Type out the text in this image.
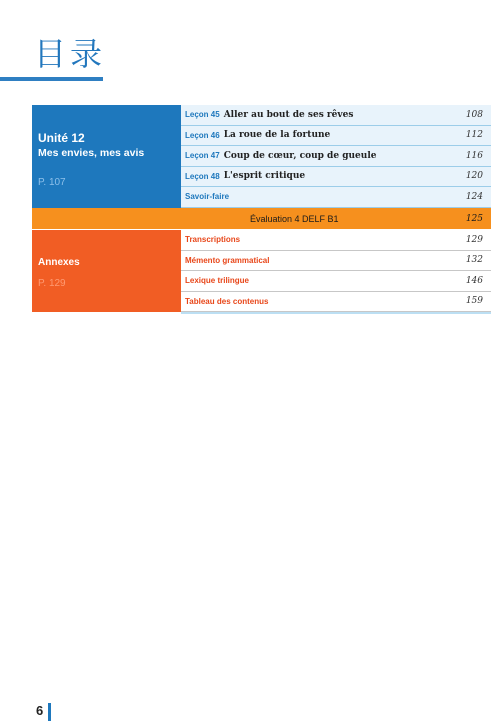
目录
Unité 12
Mes envies, mes avis
P. 107
Leçon 45 Aller au bout de ses rêves	108
Leçon 46 La roue de la fortune	112
Leçon 47 Coup de cœur, coup de gueule	116
Leçon 48 L'esprit critique	120
Savoir-faire	124
Évaluation 4 DELF B1	125
Annexes
P. 129
Transcriptions	129
Mémento grammatical	132
Lexique trilingue	146
Tableau des contenus	159
6
